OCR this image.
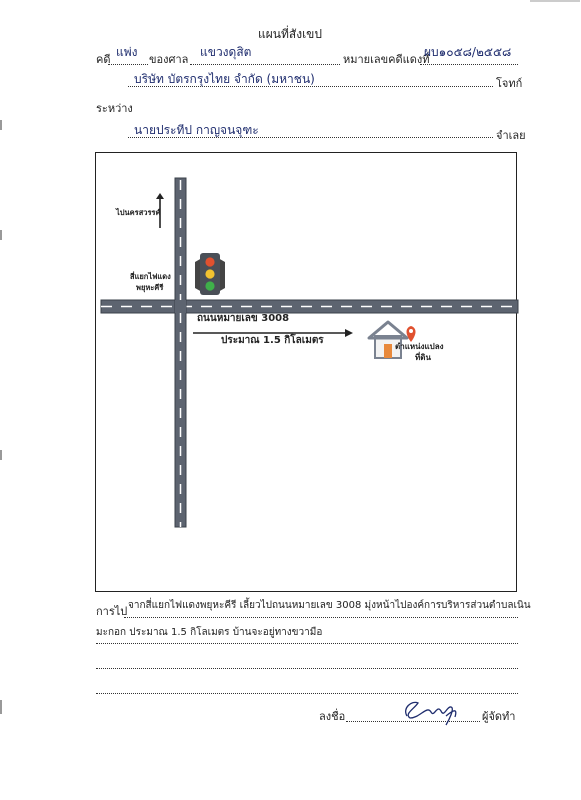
แผนที่สังเขป
คดี
แพ่ง
ของศาล
แขวงดุสิต
หมายเลขคดีแดงที่
ผบ๑๐๕๘/๒๕๕๘
บริษัท บัตรกรุงไทย จำกัด (มหาชน)	โจทก์
ระหว่าง
นายประทีป กาญจนจุฑะ	จำเลย
ไปนครสวรรค์
สี่แยกไฟแดง
พยุหะคีรี
ถนนหมายเลข 3008
ประมาณ 1.5 กิโลเมตร
ตำแหน่งแปลง
ที่ดิน
การไป จากสี่แยกไฟแดงพยุหะคีรี เลี้ยวไปถนนหมายเลข 3008 มุ่งหน้าไปองค์การบริหารส่วนตำบลเนิน
มะกอก ประมาณ 1.5 กิโลเมตร บ้านจะอยู่ทางขวามือ
ลงชื่อ	ผู้จัดทำ
